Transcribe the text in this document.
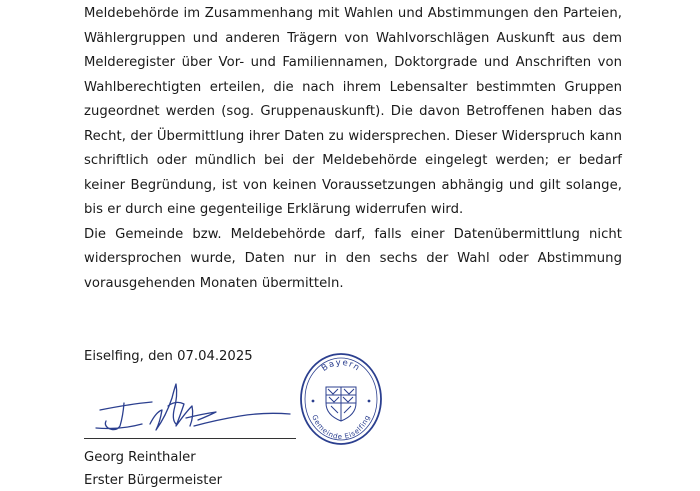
Meldebehörde im Zusammenhang mit Wahlen und Abstimmungen den Parteien, Wählergruppen und anderen Trägern von Wahlvorschlägen Auskunft aus dem Melderegister über Vor- und Familiennamen, Doktorgrade und Anschriften von Wahlberechtigten erteilen, die nach ihrem Lebensalter bestimmten Gruppen zugeordnet werden (sog. Gruppenauskunft). Die davon Betroffenen haben das Recht, der Übermittlung ihrer Daten zu widersprechen. Dieser Widerspruch kann schriftlich oder mündlich bei der Meldebehörde eingelegt werden; er bedarf keiner Begründung, ist von keinen Voraussetzungen abhängig und gilt solange, bis er durch eine gegenteilige Erklärung widerrufen wird.

Die Gemeinde bzw. Meldebehörde darf, falls einer Datenübermittlung nicht widersprochen wurde, Daten nur in den sechs der Wahl oder Abstimmung vorausgehenden Monaten übermitteln.

Eiselfing, den 07.04.2025
Georg Reinthaler
Erster Bürgermeister
Bayern
Gemeinde Eiselfing
